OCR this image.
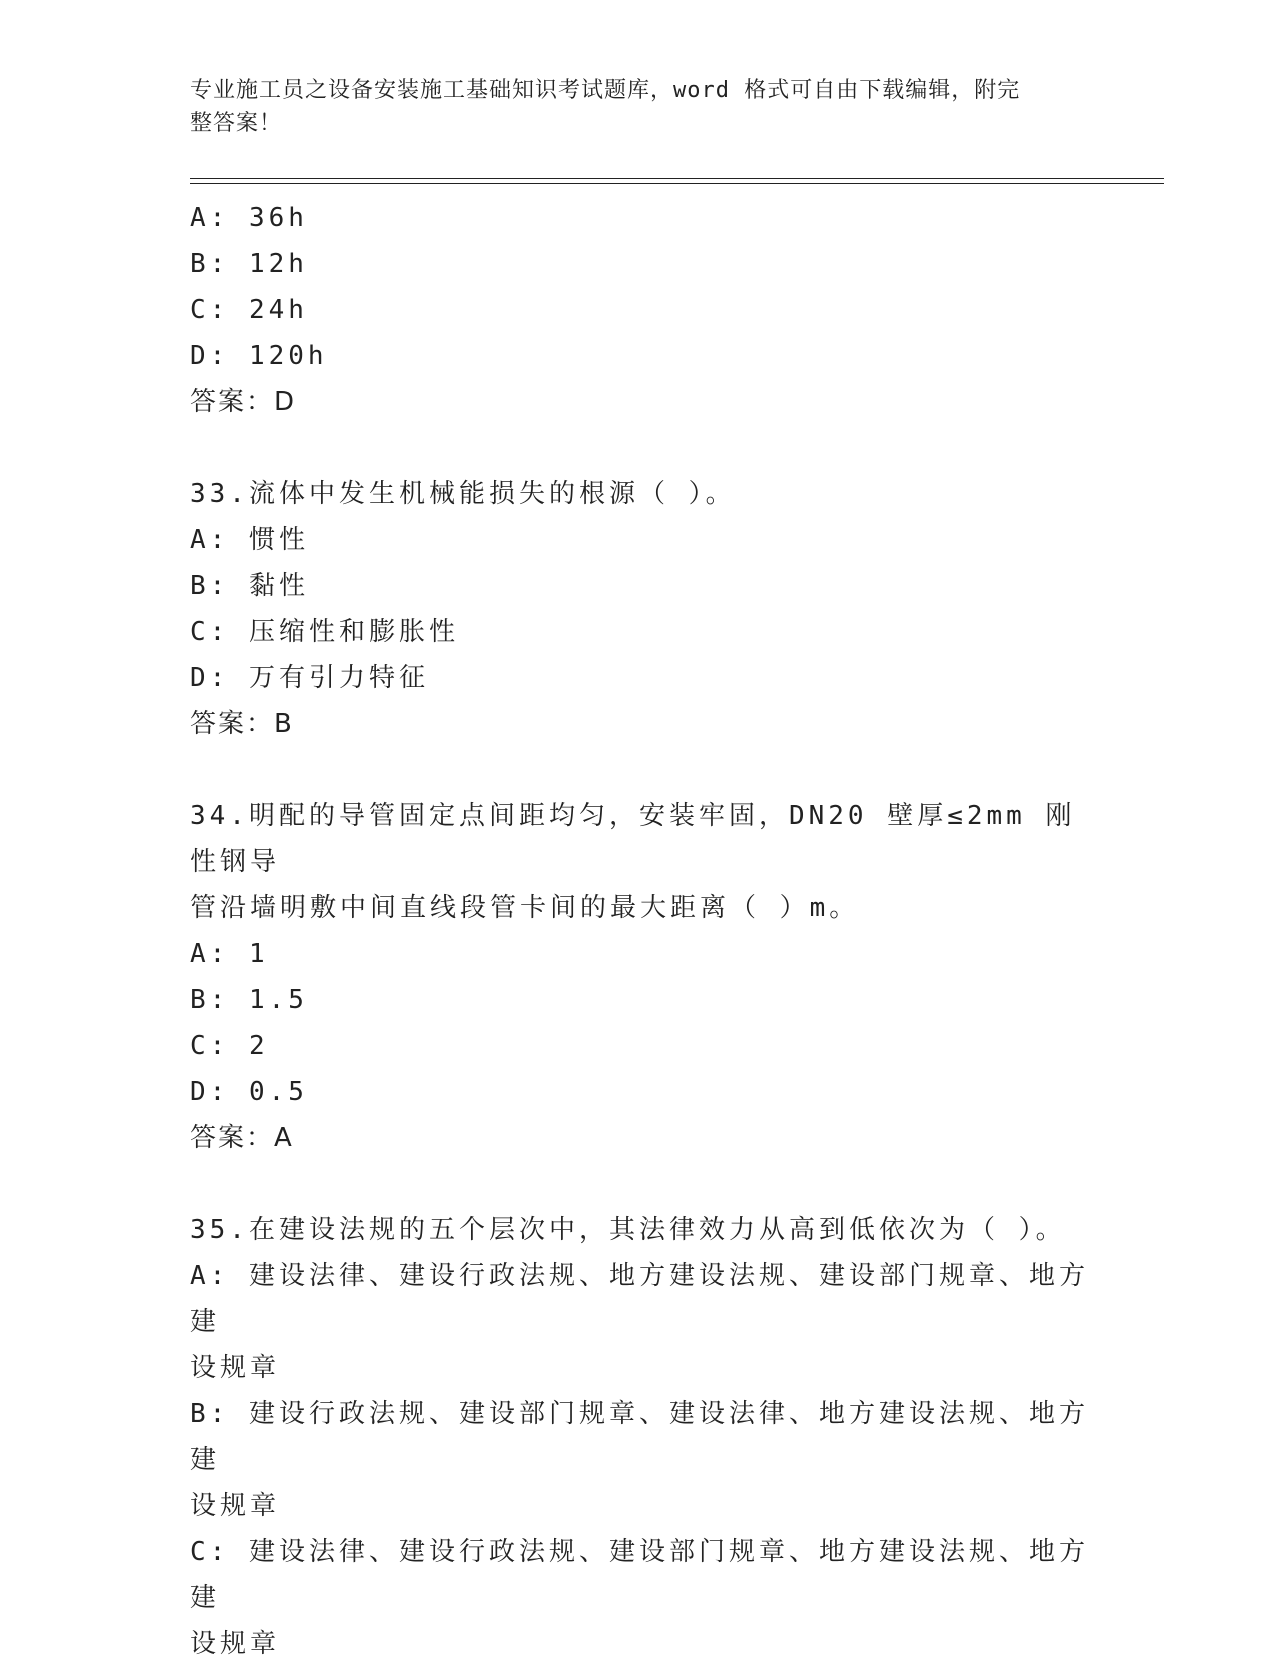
专业施工员之设备安装施工基础知识考试题库，word 格式可自由下载编辑，附完
整答案！

A: 36h

B: 12h

C: 24h

D: 120h

答案：D

33.流体中发生机械能损失的根源（ ）。

A: 惯性

B: 黏性

C: 压缩性和膨胀性

D: 万有引力特征

答案：B

34.明配的导管固定点间距均匀，安装牢固，DN20 壁厚≤2mm 刚性钢导

管沿墙明敷中间直线段管卡间的最大距离（ ）m。

A: 1

B: 1.5

C: 2

D: 0.5

答案：A

35.在建设法规的五个层次中，其法律效力从高到低依次为（ ）。

A: 建设法律、建设行政法规、地方建设法规、建设部门规章、地方建

设规章

B: 建设行政法规、建设部门规章、建设法律、地方建设法规、地方建

设规章

C: 建设法律、建设行政法规、建设部门规章、地方建设法规、地方建

设规章
